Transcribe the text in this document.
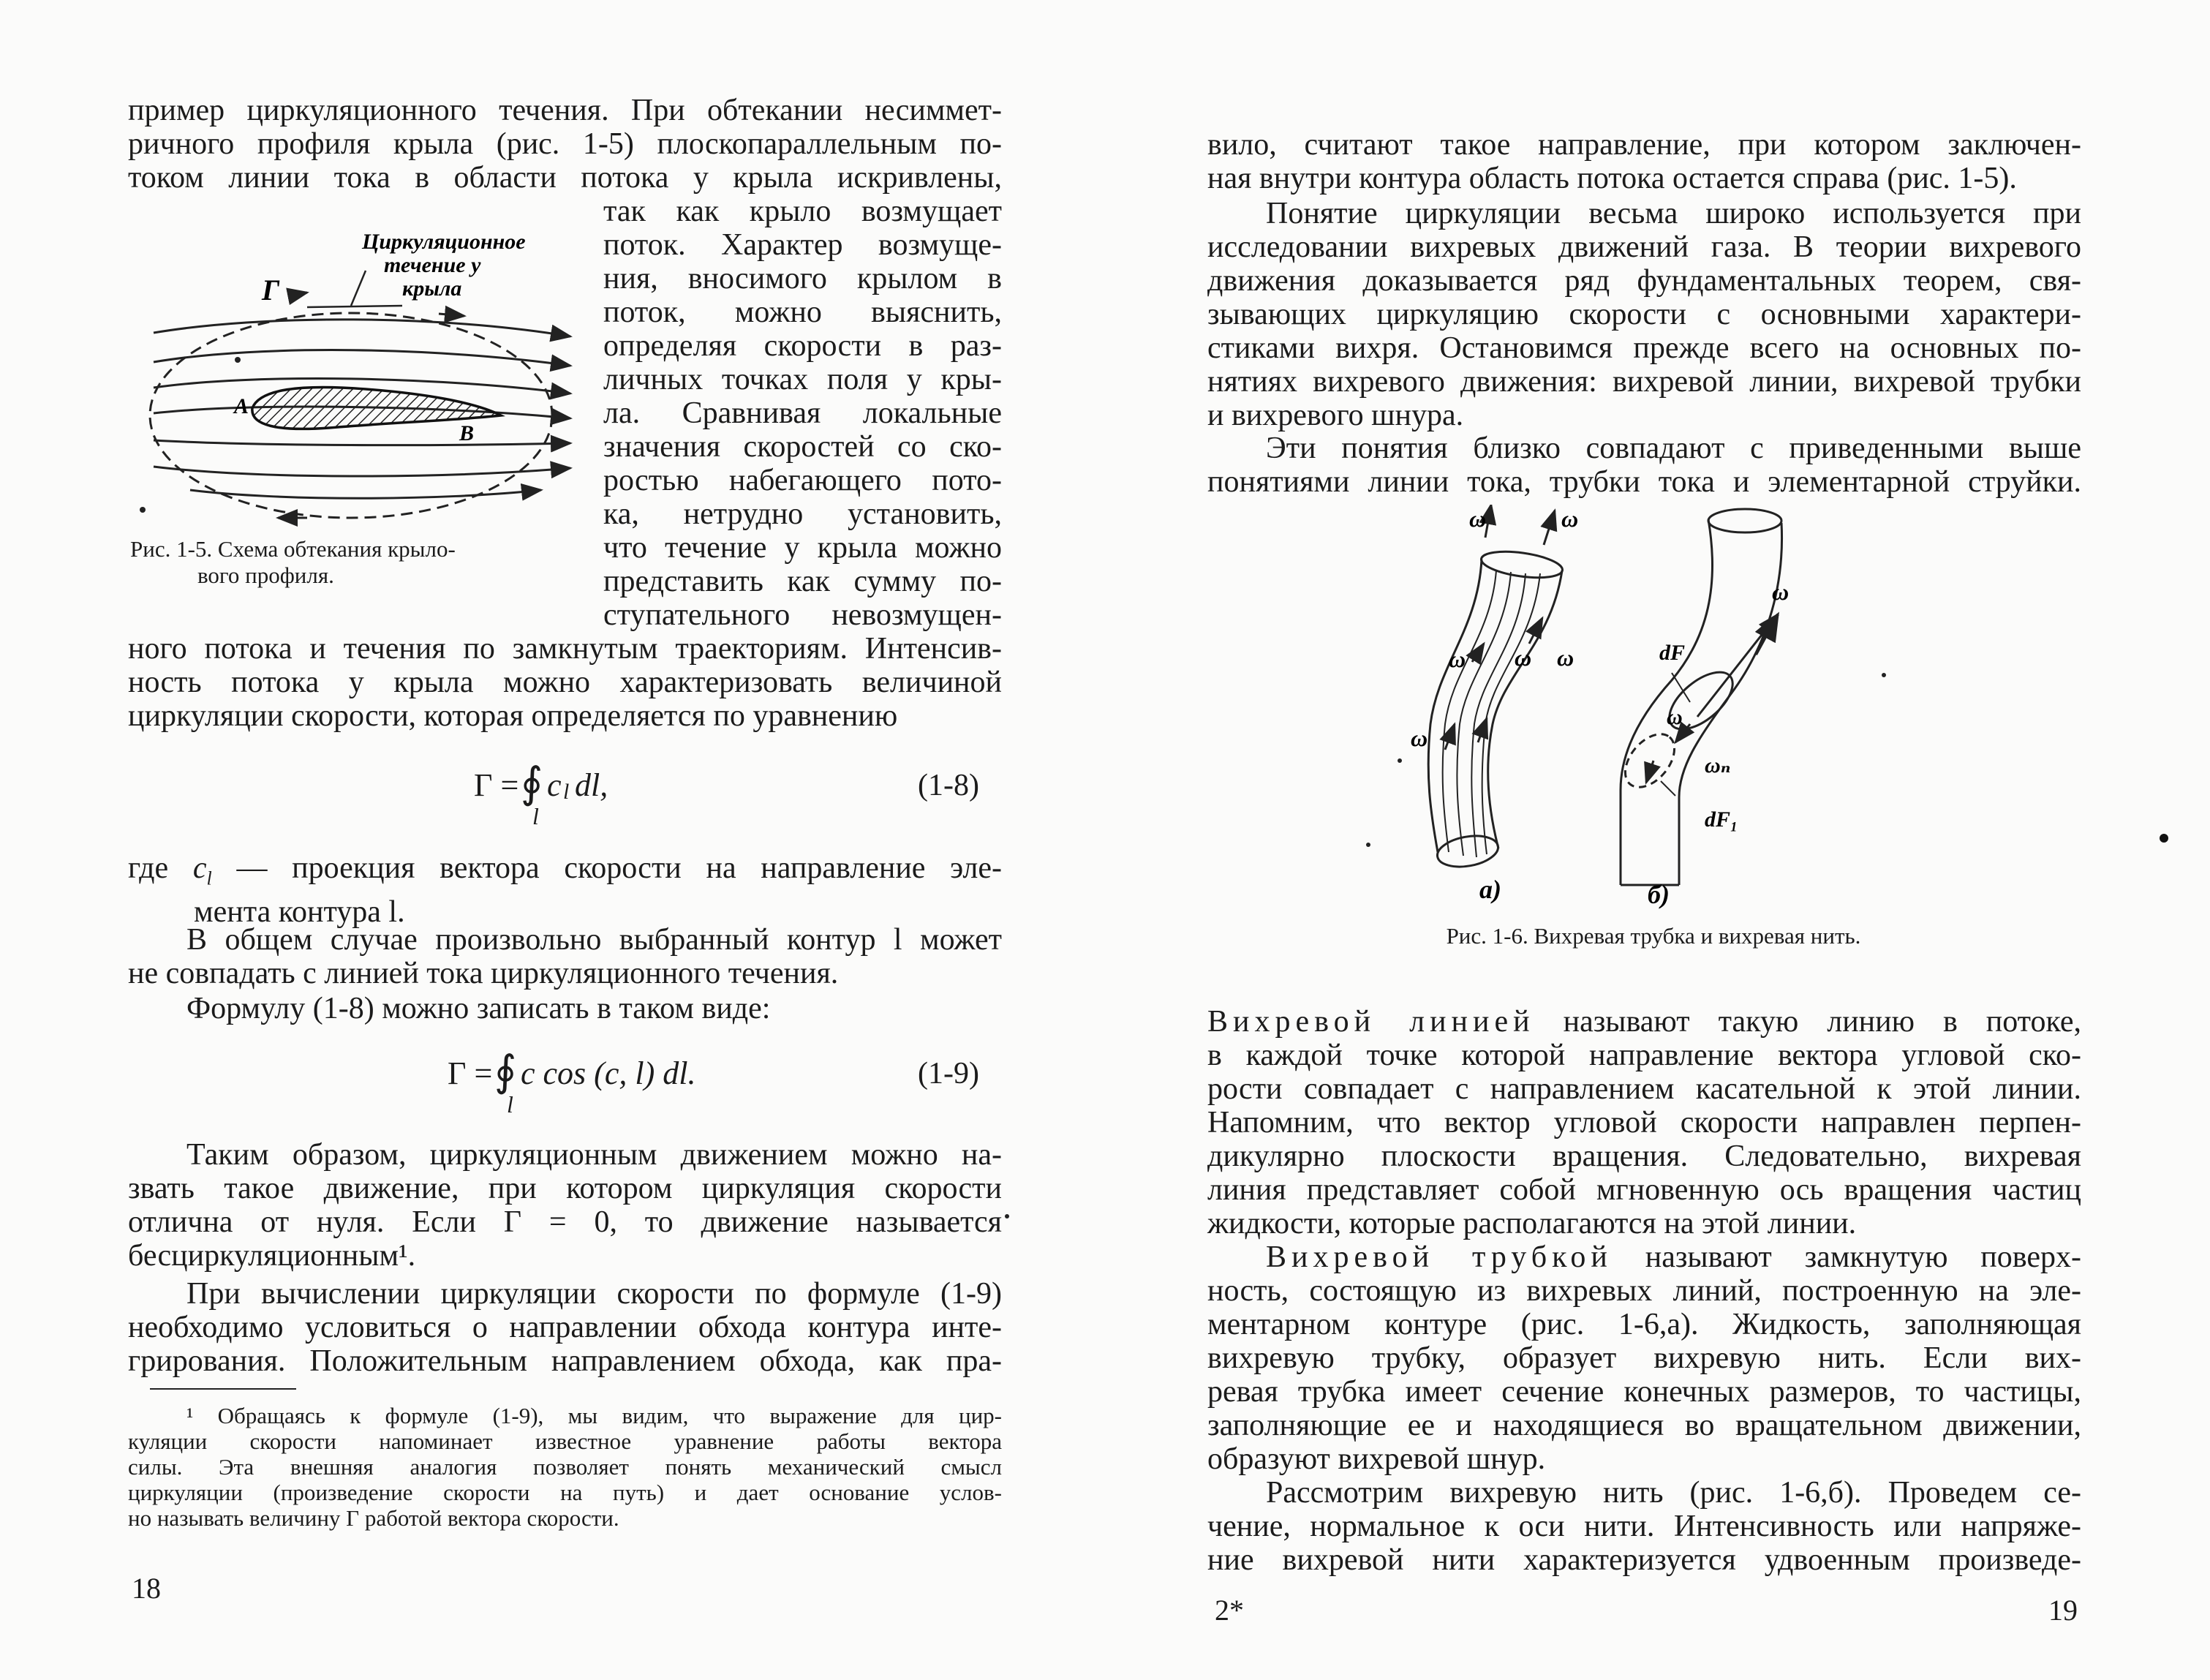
пример циркуляционного течения. При обтекании несиммет-
ричного профиля крыла (рис. 1-5) плоскопараллельным по-
током линии тока в области потока у крыла искривлены,
так как крыло возмущает
поток. Характер возмуще-
ния, вносимого крылом в
поток, можно выяснить,
определяя скорости в раз-
личных точках поля у кры-
ла. Сравнивая локальные
значения скоростей со ско-
ростью набегающего пото-
ка, нетрудно установить,
что течение у крыла можно
представить как сумму по-
ступательного невозмущен-
Циркуляционное
течение у
крыла
Г
А
В
Рис. 1-5. Схема обтекания крыло-
вого профиля.
ного потока и течения по замкнутым траекториям. Интенсив-
ность потока у крыла можно характеризовать величиной
циркуляции скорости, которая определяется по уравнению
Г = ∮ c l dl,
l
(1-8)
где $c_l$ — проекция вектора скорости на направление эле-
мента контура l.
В общем случае произвольно выбранный контур l может
не совпадать с линией тока циркуляционного течения.
Формулу (1-8) можно записать в таком виде:
Г = ∮ c cos (c, l) dl.
l
(1-9)
Таким образом, циркуляционным движением можно на-
звать такое движение, при котором циркуляция скорости
отлична от нуля. Если Г = 0, то движение называется
бесциркуляционным¹.
При вычислении циркуляции скорости по формуле (1-9)
необходимо условиться о направлении обхода контура инте-
грирования. Положительным направлением обхода, как пра-
¹ Обращаясь к формуле (1-9), мы видим, что выражение для цир-
куляции скорости напоминает известное уравнение работы вектора
силы. Эта внешняя аналогия позволяет понять механический смысл
циркуляции (произведение скорости на путь) и дает основание услов-
но называть величину Г работой вектора скорости.
18
вило, считают такое направление, при котором заключен-
ная внутри контура область потока остается справа (рис. 1-5).
Понятие циркуляции весьма широко используется при
исследовании вихревых движений газа. В теории вихревого
движения доказывается ряд фундаментальных теорем, свя-
зывающих циркуляцию скорости с основными характери-
стиками вихря. Остановимся прежде всего на основных по-
нятиях вихревого движения: вихревой линии, вихревой трубки
и вихревого шнура.
Эти понятия близко совпадают с приведенными выше
понятиями линии тока, трубки тока и элементарной струйки.
ω	ω
ω ω ω
ω
а)
dF
ω
ω
ωₙ
dF₁
б)
Рис. 1-6. Вихревая трубка и вихревая нить.
Вихревой линией называют такую линию в потоке,
в каждой точке которой направление вектора угловой ско-
рости совпадает с направлением касательной к этой линии.
Напомним, что вектор угловой скорости направлен перпен-
дикулярно плоскости вращения. Следовательно, вихревая
линия представляет собой мгновенную ось вращения частиц
жидкости, которые располагаются на этой линии.
Вихревой трубкой называют замкнутую поверх-
ность, состоящую из вихревых линий, построенную на эле-
ментарном контуре (рис. 1-6,а). Жидкость, заполняющая
вихревую трубку, образует вихревую нить. Если вих-
ревая трубка имеет сечение конечных размеров, то частицы,
заполняющие ее и находящиеся во вращательном движении,
образуют вихревой шнур.
Рассмотрим вихревую нить (рис. 1-6,б). Проведем се-
чение, нормальное к оси нити. Интенсивность или напряже-
ние вихревой нити характеризуется удвоенным произведе-
2*	19
